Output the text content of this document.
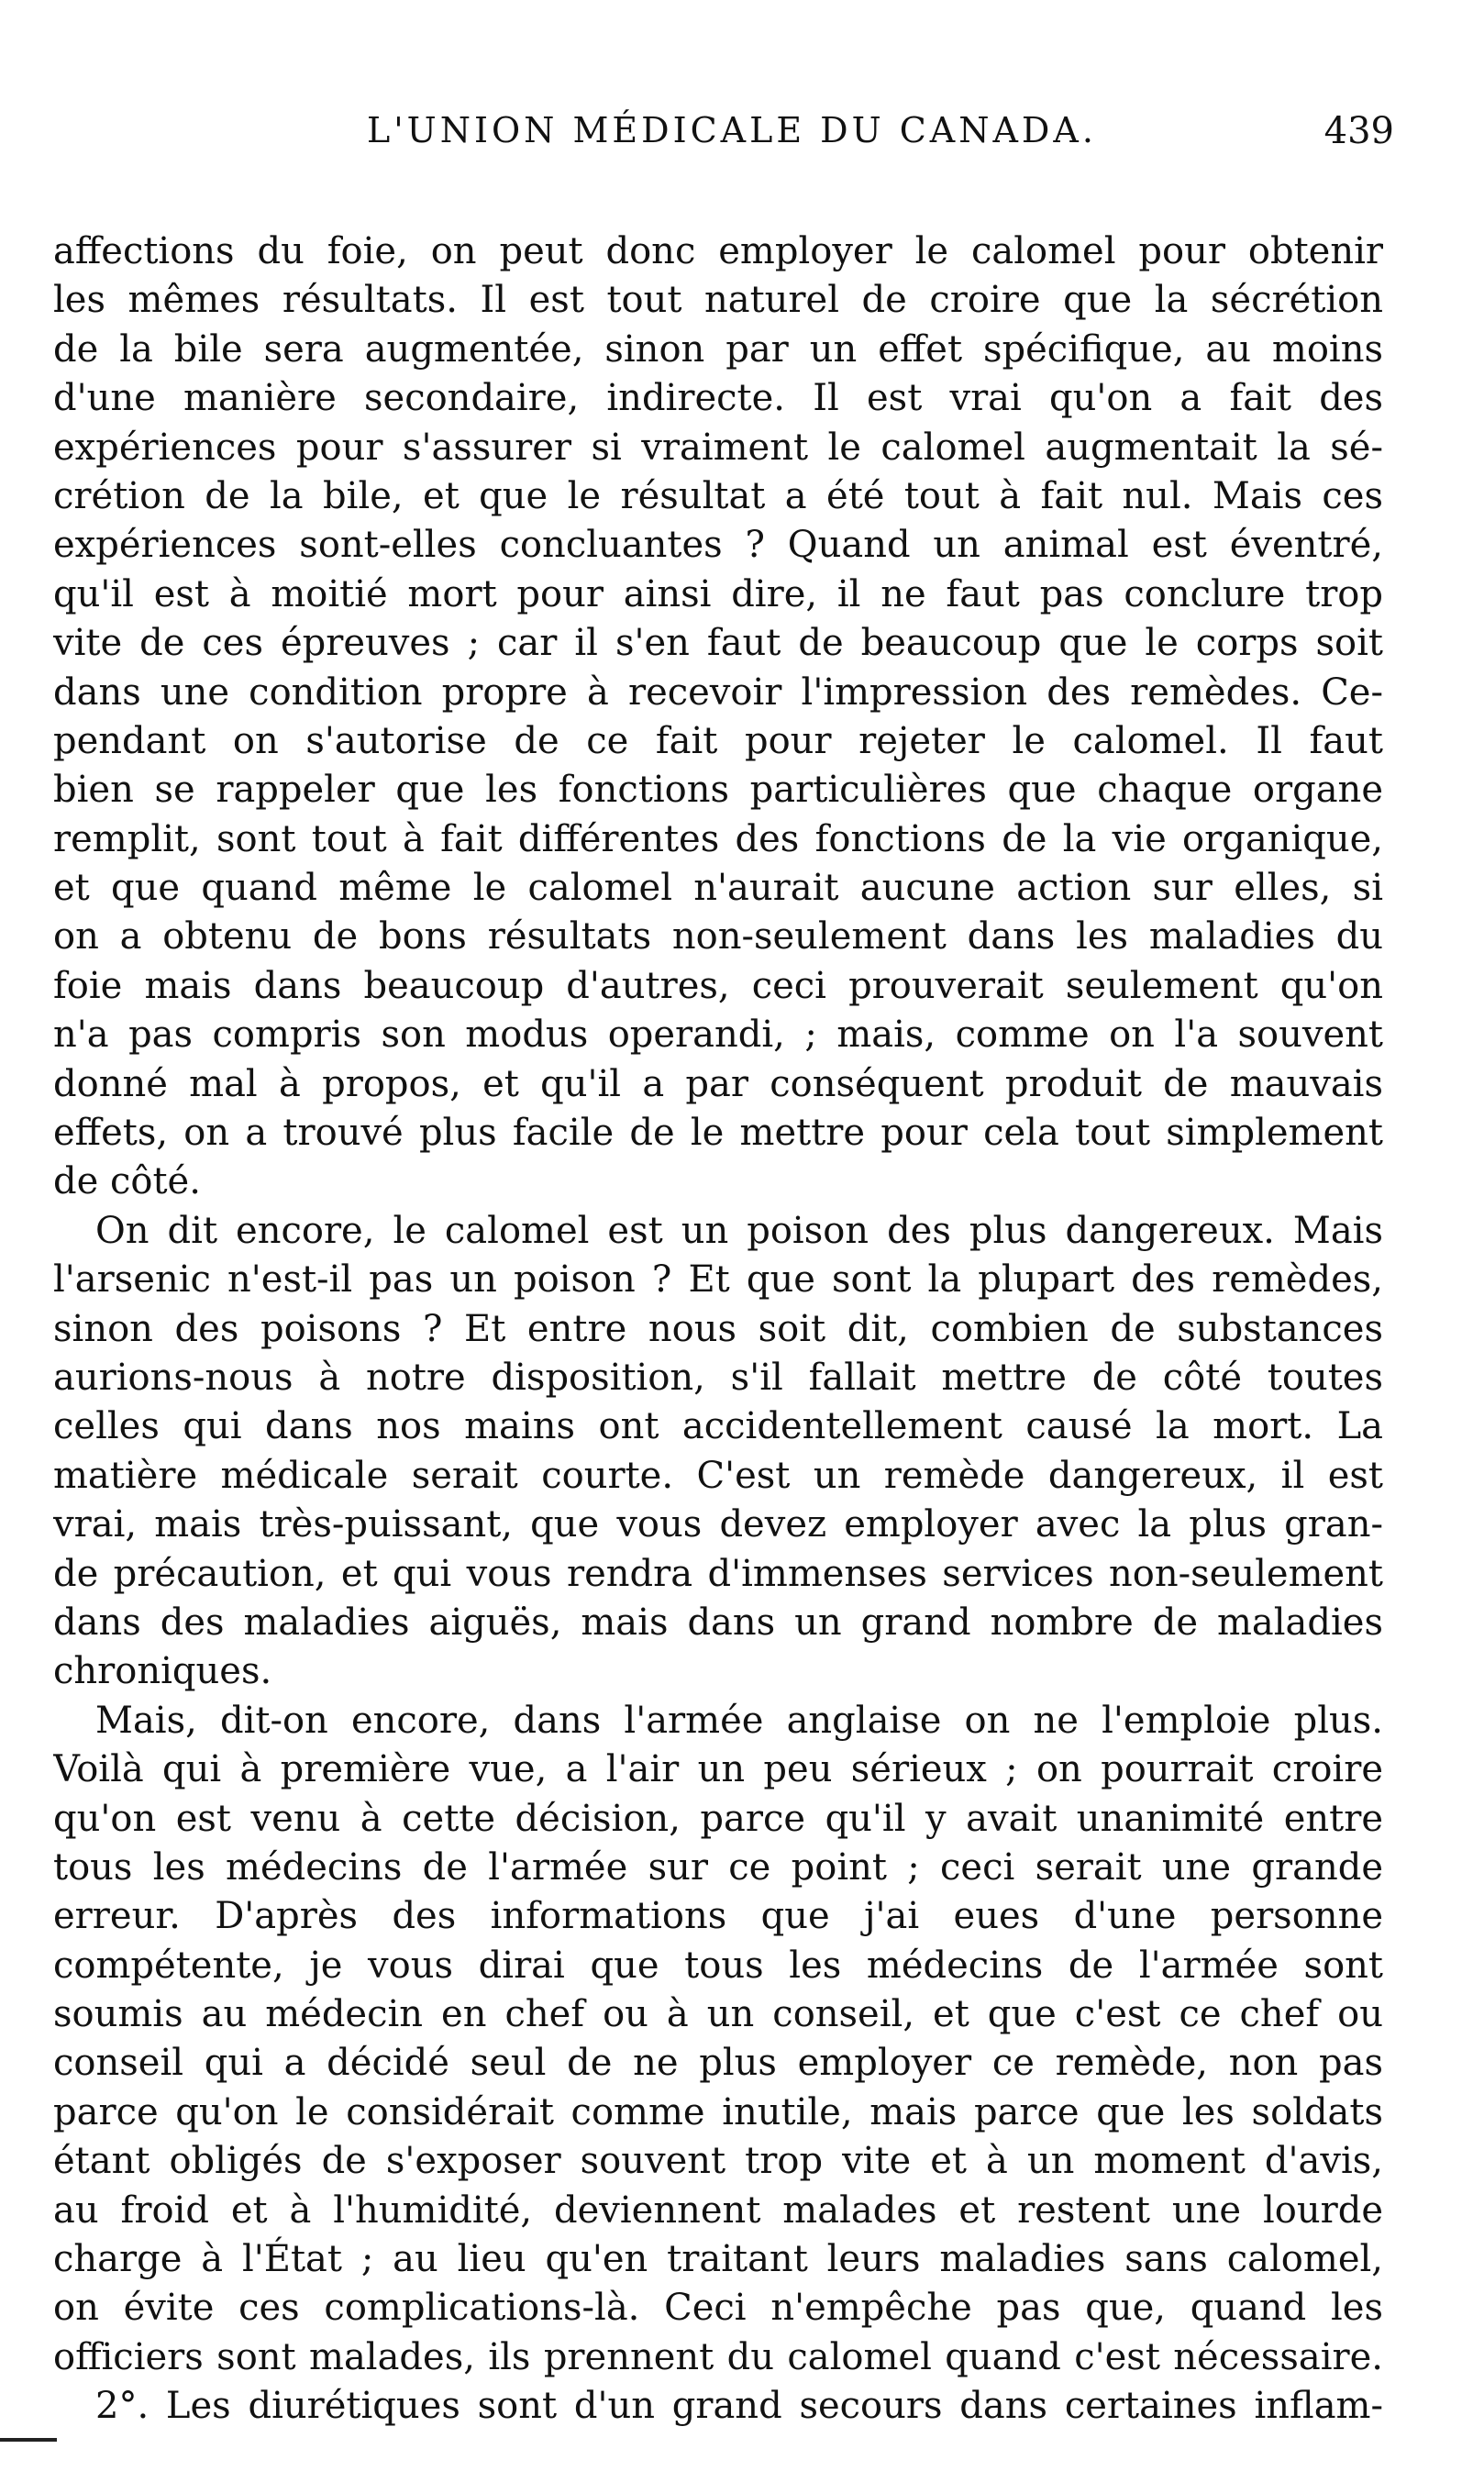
L'UNION MÉDICALE DU CANADA.	439
affections du foie, on peut donc employer le calomel pour obtenir
les mêmes résultats. Il est tout naturel de croire que la sécrétion
de la bile sera augmentée, sinon par un effet spécifique, au moins
d'une manière secondaire, indirecte. Il est vrai qu'on a fait des
expériences pour s'assurer si vraiment le calomel augmentait la sé-
crétion de la bile, et que le résultat a été tout à fait nul. Mais ces
expériences sont-elles concluantes ? Quand un animal est éventré,
qu'il est à moitié mort pour ainsi dire, il ne faut pas conclure trop
vite de ces épreuves ; car il s'en faut de beaucoup que le corps soit
dans une condition propre à recevoir l'impression des remèdes. Ce-
pendant on s'autorise de ce fait pour rejeter le calomel. Il faut
bien se rappeler que les fonctions particulières que chaque organe
remplit, sont tout à fait différentes des fonctions de la vie organique,
et que quand même le calomel n'aurait aucune action sur elles, si
on a obtenu de bons résultats non-seulement dans les maladies du
foie mais dans beaucoup d'autres, ceci prouverait seulement qu'on
n'a pas compris son modus operandi, ; mais, comme on l'a souvent
donné mal à propos, et qu'il a par conséquent produit de mauvais
effets, on a trouvé plus facile de le mettre pour cela tout simplement
de côté.
On dit encore, le calomel est un poison des plus dangereux. Mais
l'arsenic n'est-il pas un poison ? Et que sont la plupart des remèdes,
sinon des poisons ? Et entre nous soit dit, combien de substances
aurions-nous à notre disposition, s'il fallait mettre de côté toutes
celles qui dans nos mains ont accidentellement causé la mort. La
matière médicale serait courte. C'est un remède dangereux, il est
vrai, mais très-puissant, que vous devez employer avec la plus gran-
de précaution, et qui vous rendra d'immenses services non-seulement
dans des maladies aiguës, mais dans un grand nombre de maladies
chroniques.
Mais, dit-on encore, dans l'armée anglaise on ne l'emploie plus.
Voilà qui à première vue, a l'air un peu sérieux ; on pourrait croire
qu'on est venu à cette décision, parce qu'il y avait unanimité entre
tous les médecins de l'armée sur ce point ; ceci serait une grande
erreur. D'après des informations que j'ai eues d'une personne
compétente, je vous dirai que tous les médecins de l'armée sont
soumis au médecin en chef ou à un conseil, et que c'est ce chef ou
conseil qui a décidé seul de ne plus employer ce remède, non pas
parce qu'on le considérait comme inutile, mais parce que les soldats
étant obligés de s'exposer souvent trop vite et à un moment d'avis,
au froid et à l'humidité, deviennent malades et restent une lourde
charge à l'État ; au lieu qu'en traitant leurs maladies sans calomel,
on évite ces complications-là. Ceci n'empêche pas que, quand les
officiers sont malades, ils prennent du calomel quand c'est nécessaire.
2°. Les diurétiques sont d'un grand secours dans certaines inflam-
